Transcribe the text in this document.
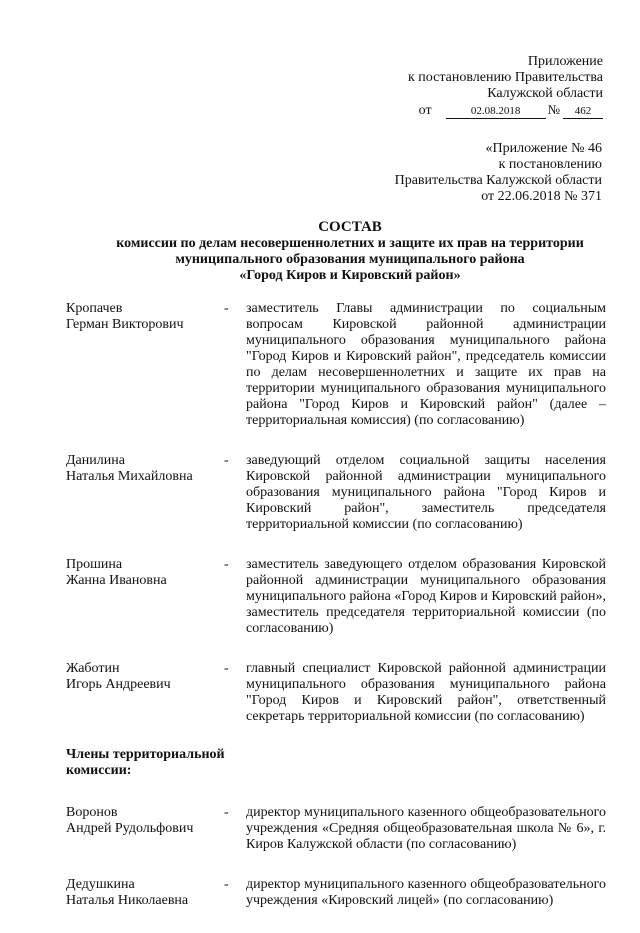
Приложение
к постановлению Правительства
Калужской области
от	02.08.2018 № 462
«Приложение № 46
к постановлению
Правительства Калужской области
от 22.06.2018 № 371
СОСТАВ
комиссии по делам несовершеннолетних и защите их прав на территории
муниципального образования муниципального района
«Город Киров и Кировский район»
Кропачев
Герман Викторович
-	заместитель Главы администрации по социальным вопросам Кировской районной администрации муниципального образования муниципального района "Город Киров и Кировский район", председатель комиссии по делам несовершеннолетних и защите их прав на территории муниципального образования муниципального района "Город Киров и Кировский район" (далее – территориальная комиссия) (по согласованию)
Данилина
Наталья Михайловна
-	заведующий отделом социальной защиты населения Кировской районной администрации муниципального образования муниципального района "Город Киров и Кировский район", заместитель председателя территориальной комиссии (по согласованию)
Прошина
Жанна Ивановна
-	заместитель заведующего отделом образования Кировской районной администрации муниципального образования муниципального района «Город Киров и Кировский район», заместитель председателя территориальной комиссии (по согласованию)
Жаботин
Игорь Андреевич
-	главный специалист Кировской районной администрации муниципального образования муниципального района "Город Киров и Кировский район", ответственный секретарь территориальной комиссии (по согласованию)
Члены территориальной комиссии:
Воронов
Андрей Рудольфович
-	директор муниципального казенного общеобразовательного учреждения «Средняя общеобразовательная школа № 6», г. Киров Калужской области (по согласованию)
Дедушкина
Наталья Николаевна
-	директор муниципального казенного общеобразовательного учреждения «Кировский лицей» (по согласованию)
